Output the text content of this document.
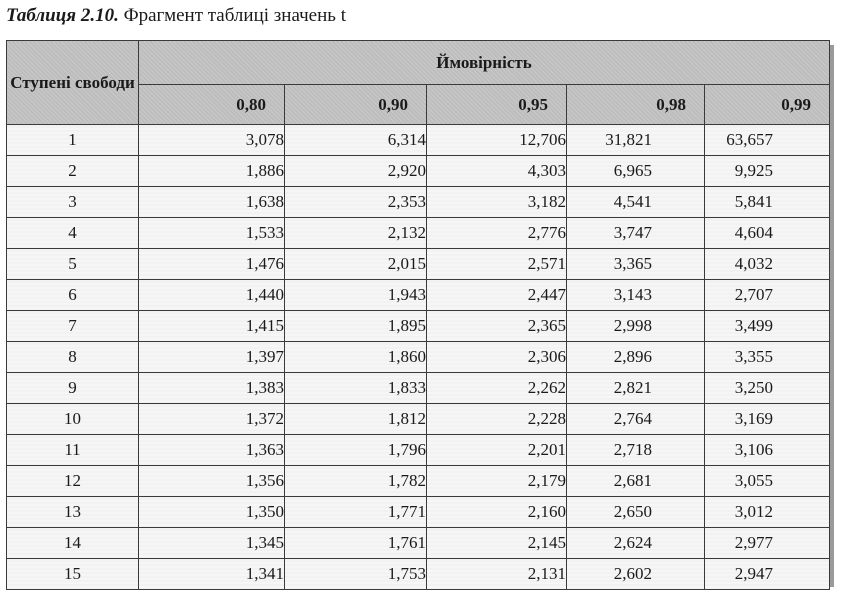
Таблиця 2.10. Фрагмент таблиці значень t
Ступені свободи	Ймовірність				
	0,80	0,90	0,95	0,98	0,99
1	3,078	6,314	12,706	31,821	63,657
2	1,886	2,920	4,303	6,965	9,925
3	1,638	2,353	3,182	4,541	5,841
4	1,533	2,132	2,776	3,747	4,604
5	1,476	2,015	2,571	3,365	4,032
6	1,440	1,943	2,447	3,143	2,707
7	1,415	1,895	2,365	2,998	3,499
8	1,397	1,860	2,306	2,896	3,355
9	1,383	1,833	2,262	2,821	3,250
10	1,372	1,812	2,228	2,764	3,169
11	1,363	1,796	2,201	2,718	3,106
12	1,356	1,782	2,179	2,681	3,055
13	1,350	1,771	2,160	2,650	3,012
14	1,345	1,761	2,145	2,624	2,977
15	1,341	1,753	2,131	2,602	2,947
